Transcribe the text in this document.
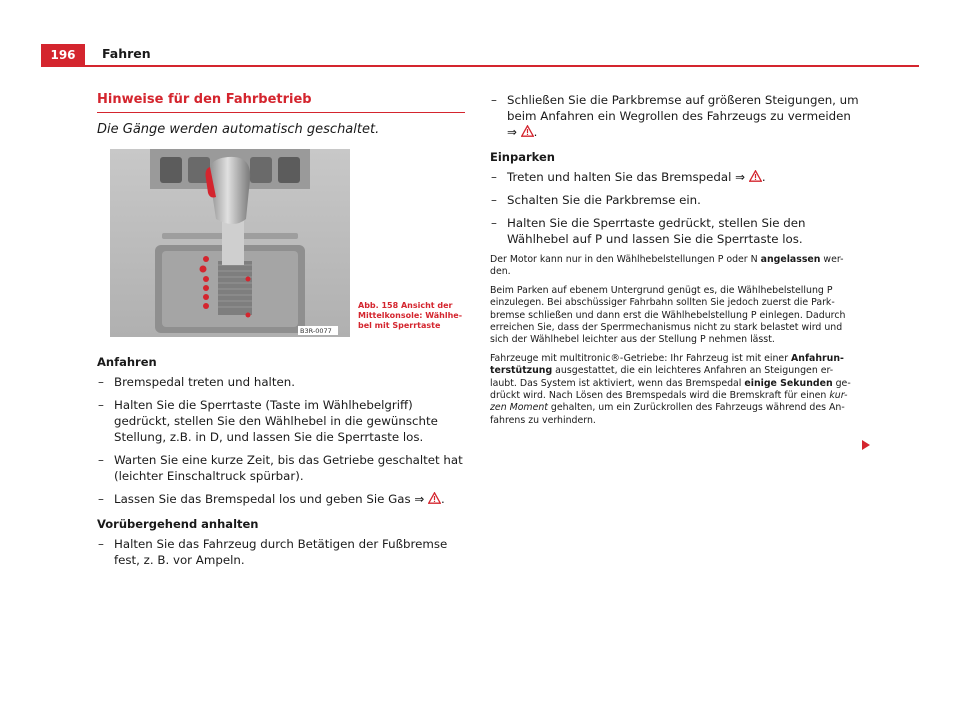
196	Fahren
Hinweise für den Fahrbetrieb
Die Gänge werden automatisch geschaltet.
B3R-0077
Abb. 158 Ansicht der Mittelkonsole: Wählhe-bel mit Sperrtaste
Anfahren
– Bremspedal treten und halten.
– Halten Sie die Sperrtaste (Taste im Wählhebelgriff) gedrückt, stellen Sie den Wählhebel in die gewünschte Stellung, z.B. in D, und lassen Sie die Sperrtaste los.
– Warten Sie eine kurze Zeit, bis das Getriebe geschaltet hat (leichter Einschaltruck spürbar).
– Lassen Sie das Bremspedal los und geben Sie Gas ⇒ .
Vorübergehend anhalten
– Halten Sie das Fahrzeug durch Betätigen der Fußbremse fest, z. B. vor Ampeln.
– Schließen Sie die Parkbremse auf größeren Steigungen, um beim Anfahren ein Wegrollen des Fahrzeugs zu vermeiden ⇒ .
Einparken
– Treten und halten Sie das Bremspedal ⇒ .
– Schalten Sie die Parkbremse ein.
– Halten Sie die Sperrtaste gedrückt, stellen Sie den Wählhebel auf P und lassen Sie die Sperrtaste los.
Der Motor kann nur in den Wählhebelstellungen P oder N angelassen wer-den.
Beim Parken auf ebenem Untergrund genügt es, die Wählhebelstellung P einzulegen. Bei abschüssiger Fahrbahn sollten Sie jedoch zuerst die Park-bremse schließen und dann erst die Wählhebelstellung P einlegen. Dadurch erreichen Sie, dass der Sperrmechanismus nicht zu stark belastet wird und sich der Wählhebel leichter aus der Stellung P nehmen lässt.
Fahrzeuge mit multitronic®-Getriebe: Ihr Fahrzeug ist mit einer Anfahrun-terstützung ausgestattet, die ein leichteres Anfahren an Steigungen er-laubt. Das System ist aktiviert, wenn das Bremspedal einige Sekunden ge-drückt wird. Nach Lösen des Bremspedals wird die Bremskraft für einen kur-zen Moment gehalten, um ein Zurückrollen des Fahrzeugs während des An-fahrens zu verhindern.
